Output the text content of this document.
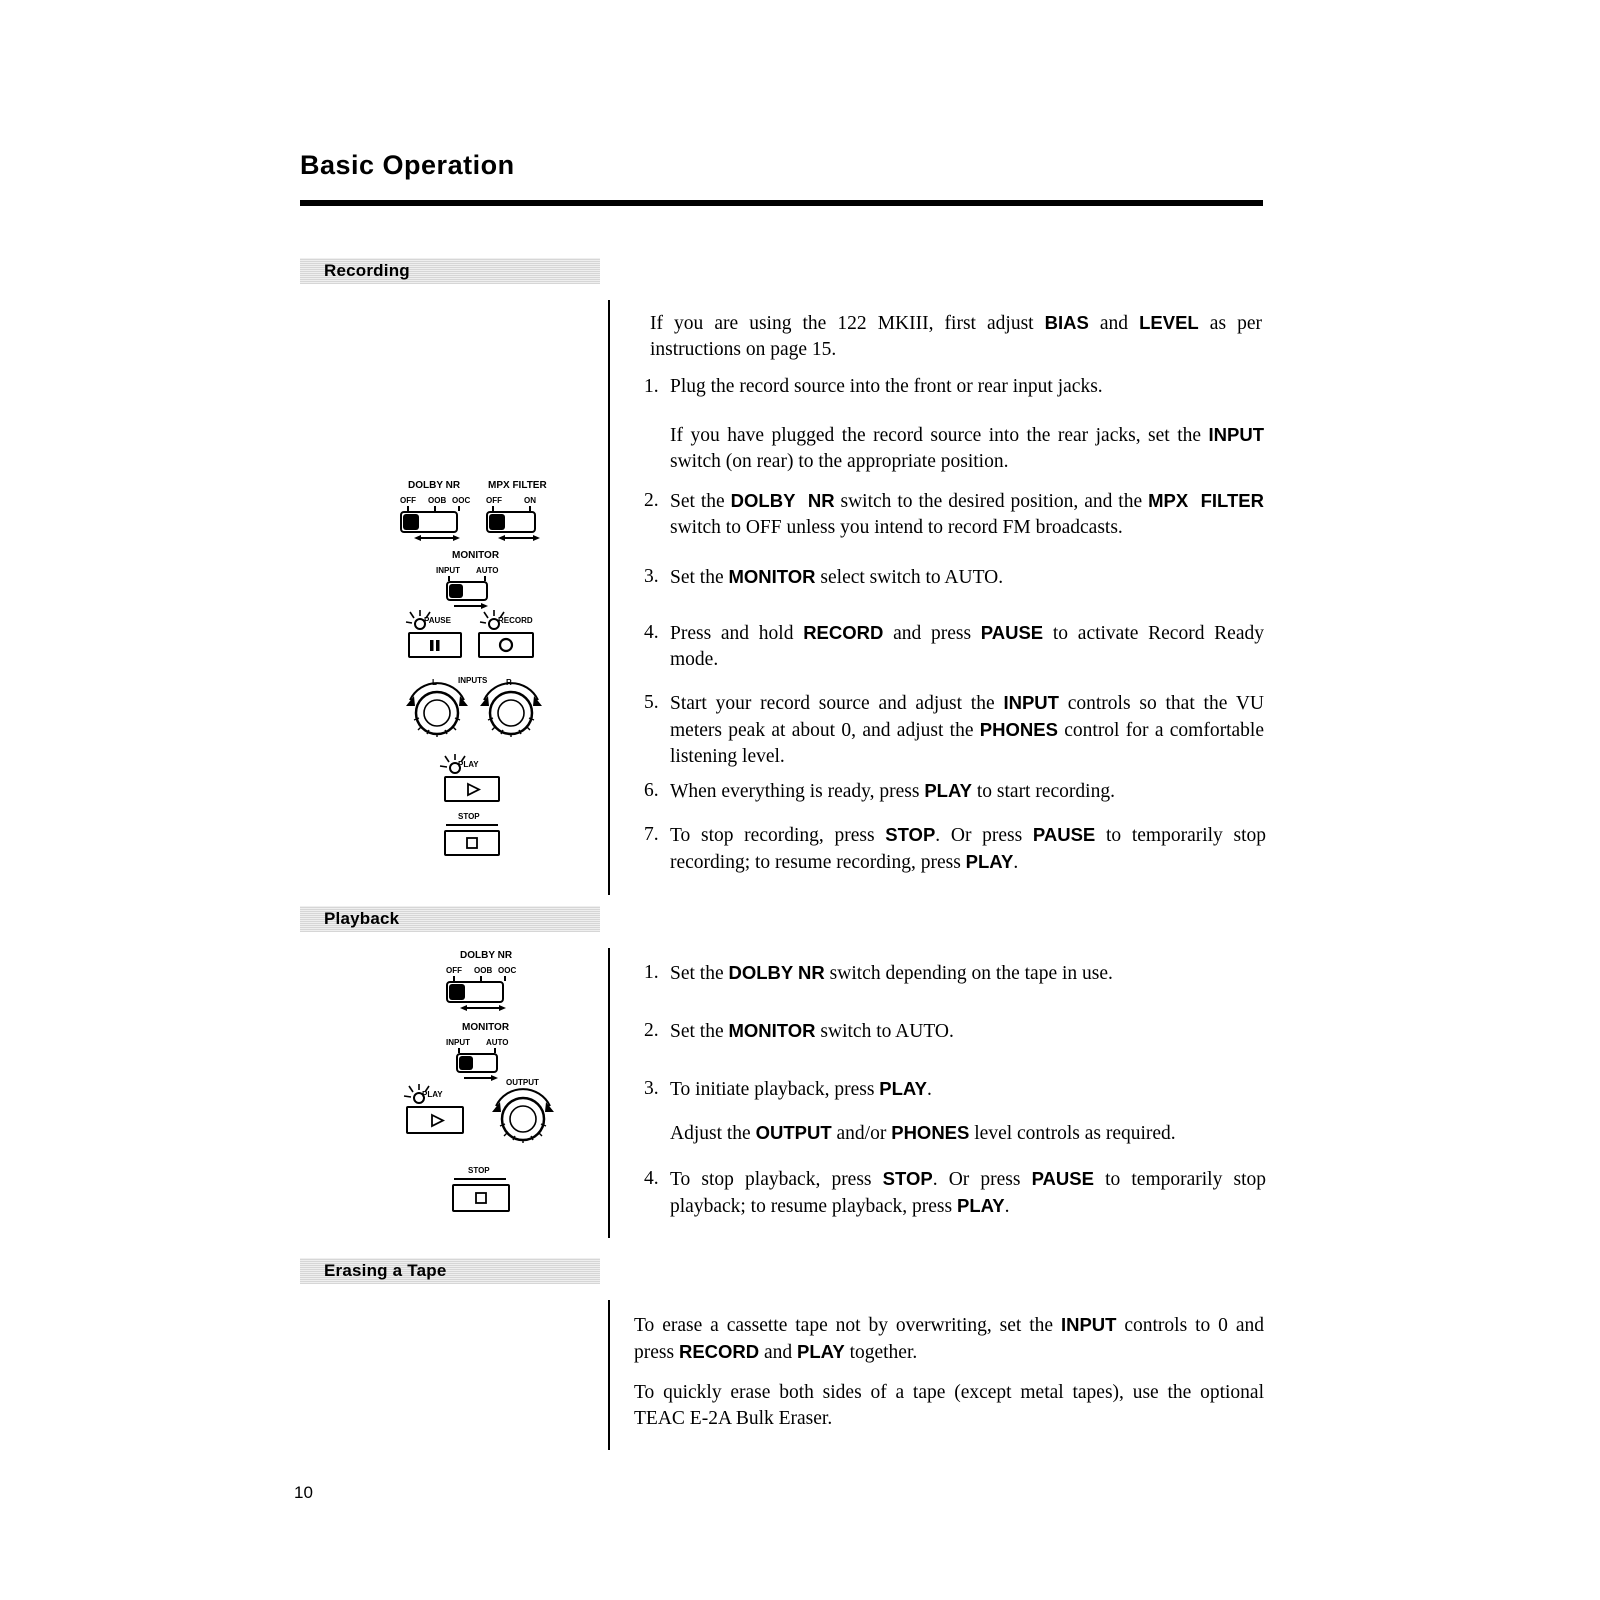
Basic Operation
Recording
If you are using the 122 MKIII, first adjust BIAS and LEVEL as per instructions on page 15.
1. Plug the record source into the front or rear input jacks.
If you have plugged the record source into the rear jacks, set the INPUT switch (on rear) to the appropriate position.
2. Set the DOLBY  NR switch to the desired position, and the MPX  FILTER switch to OFF unless you intend to record FM broadcasts.
3. Set the MONITOR select switch to AUTO.
4. Press and hold RECORD and press PAUSE to activate Record Ready mode.
5. Start your record source and adjust the INPUT controls so that the VU meters peak at about 0, and adjust the PHONES control for a comfortable listening level.
6. When everything is ready, press PLAY to start recording.
7. To stop recording, press STOP. Or press PAUSE to temporarily stop recording; to resume recording, press PLAY.
DOLBY NR
OFF OOB OOC
MPX FILTER
OFF	ON
MONITOR
INPUT AUTO
PAUSE	RECORD
INPUTS
L	R
PLAY
STOP
Playback
1. Set the DOLBY NR switch depending on the tape in use.
2. Set the MONITOR switch to AUTO.
3. To initiate playback, press PLAY.
Adjust the OUTPUT and/or PHONES level controls as required.
4. To stop playback, press STOP. Or press PAUSE to temporarily stop playback; to resume playback, press PLAY.
DOLBY NR
OFF OOB OOC
MONITOR
INPUT AUTO
PLAY
OUTPUT
STOP
Erasing a Tape
To erase a cassette tape not by overwriting, set the INPUT controls to 0 and press RECORD and PLAY together.
To quickly erase both sides of a tape (except metal tapes), use the optional TEAC E-2A Bulk Eraser.
10
